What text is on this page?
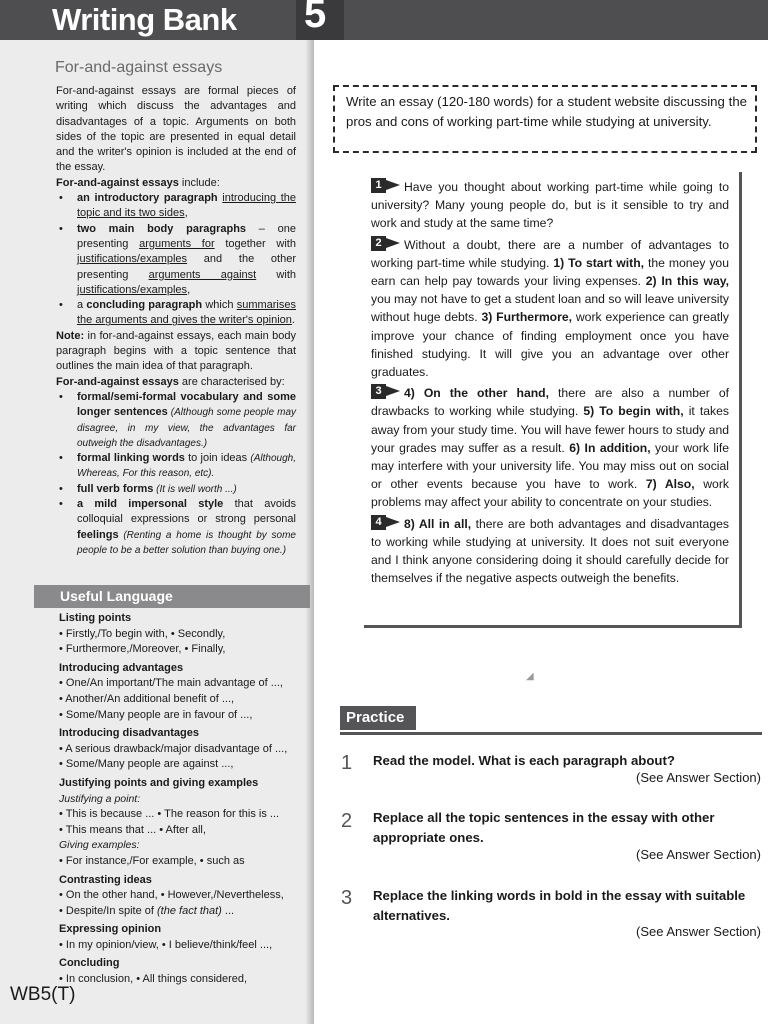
Writing Bank 5
For-and-against essays

For-and-against essays are formal pieces of writing which discuss the advantages and disadvantages of a topic. Arguments on both sides of the topic are presented in equal detail and the writer's opinion is included at the end of the essay.

For-and-against essays include:

• an introductory paragraph introducing the topic and its two sides,
• two main body paragraphs – one presenting arguments for together with justifications/examples and the other presenting arguments against with justifications/examples,
• a concluding paragraph which summarises the arguments and gives the writer's opinion.

Note: in for-and-against essays, each main body paragraph begins with a topic sentence that outlines the main idea of that paragraph.

For-and-against essays are characterised by:

• formal/semi-formal vocabulary and some longer sentences (Although some people may disagree, in my view, the advantages far outweigh the disadvantages.)
• formal linking words to join ideas (Although, Whereas, For this reason, etc).
• full verb forms (It is well worth ...)
• a mild impersonal style that avoids colloquial expressions or strong personal feelings (Renting a home is thought by some people to be a better solution than buying one.)
Useful Language
Listing points
• Firstly,/To begin with, • Secondly,
• Furthermore,/Moreover, • Finally,
Introducing advantages
• One/An important/The main advantage of ...,
• Another/An additional benefit of ...,
• Some/Many people are in favour of ...,
Introducing disadvantages
• A serious drawback/major disadvantage of ...,
• Some/Many people are against ...,
Justifying points and giving examples
Justifying a point:
• This is because ... • The reason for this is ...
• This means that ... • After all,
Giving examples:
• For instance,/For example, • such as
Contrasting ideas
• On the other hand, • However,/Nevertheless,
• Despite/In spite of (the fact that) ...
Expressing opinion
• In my opinion/view, • I believe/think/feel ...,
Concluding
• In conclusion, • All things considered,
WB5(T)
Write an essay (120-180 words) for a student website discussing the pros and cons of working part-time while studying at university.

1	Have you thought about working part-time while going to university? Many young people do, but is it sensible to try and work and study at the same time?

2	Without a doubt, there are a number of advantages to working part-time while studying. 1) To start with, the money you earn can help pay towards your living expenses. 2) In this way, you may not have to get a student loan and so will leave university without huge debts. 3) Furthermore, work experience can greatly improve your chance of finding employment once you have finished studying. It will give you an advantage over other graduates.

3	4) On the other hand, there are also a number of drawbacks to working while studying. 5) To begin with, it takes away from your study time. You will have fewer hours to study and your grades may suffer as a result. 6) In addition, your work life may interfere with your university life. You may miss out on social or other events because you have to work. 7) Also, work problems may affect your ability to concentrate on your studies.

4	8) All in all, there are both advantages and disadvantages to working while studying at university. It does not suit everyone and I think anyone considering doing it should carefully decide for themselves if the negative aspects outweigh the benefits.

◢
Practice
1 Read the model. What is each paragraph about?
(See Answer Section)
2 Replace all the topic sentences in the essay with other appropriate ones.
(See Answer Section)
3 Replace the linking words in bold in the essay with suitable alternatives.
(See Answer Section)
